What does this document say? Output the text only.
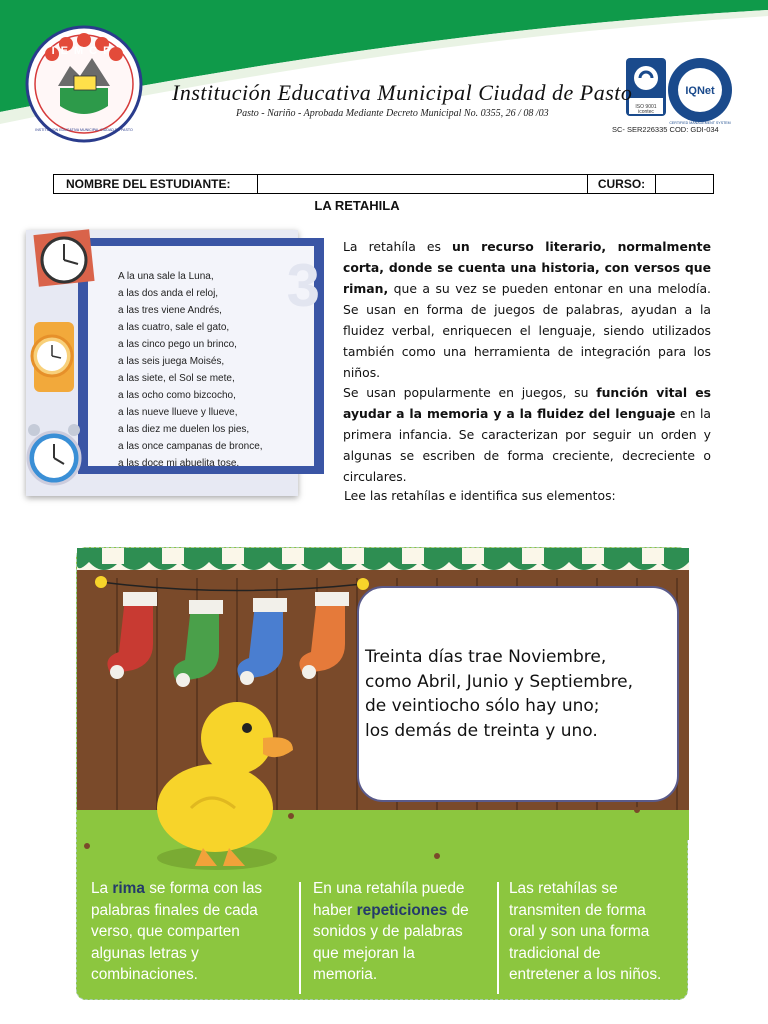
Institución Educativa Municipal Ciudad de Pasto
Pasto - Nariño - Aprobada Mediante Decreto Municipal No. 0355, 26 / 08 /03
SC- SER226335 COD: GDI-034
IEMCP
ISO 9001
icontec
IQNet
CERTIFIED MANAGEMENT SYSTEM
INSTITUCION EDUCATIVA MUNICIPAL CIUDAD DE PASTO
NOMBRE DEL ESTUDIANTE:	CURSO:
LA RETAHILA
3
A la una sale la Luna,
a las dos anda el reloj,
a las tres viene Andrés,
a las cuatro, sale el gato,
a las cinco pego un brinco,
a las seis juega Moisés,
a las siete, el Sol se mete,
a las ocho como bizcocho,
a las nueve llueve y llueve,
a las diez me duelen los pies,
a las once campanas de bronce,
a las doce mi abuelita tose.
La retahíla es un recurso literario, normalmente corta, donde se cuenta una historia, con versos que riman, que a su vez se pueden entonar en una melodía. Se usan en forma de juegos de palabras, ayudan a la fluidez verbal, enriquecen el lenguaje, siendo utilizados también como una herramienta de integración para los niños.
Se usan popularmente en juegos, su función vital es ayudar a la memoria y a la fluidez del lenguaje en la primera infancia. Se caracterizan por seguir un orden y algunas se escriben de forma creciente, decreciente o circulares.
Lee las retahílas e identifica sus elementos:
Treinta días trae Noviembre,
como Abril, Junio y Septiembre,
de veintiocho sólo hay uno;
los demás de treinta y uno.
La rima se forma con las
palabras finales de cada
verso, que comparten
algunas letras y
combinaciones.
En una retahíla puede
haber repeticiones de
sonidos y de palabras
que mejoran la
memoria.
Las retahílas se
transmiten de forma
oral y son una forma
tradicional de
entretener a los niños.
